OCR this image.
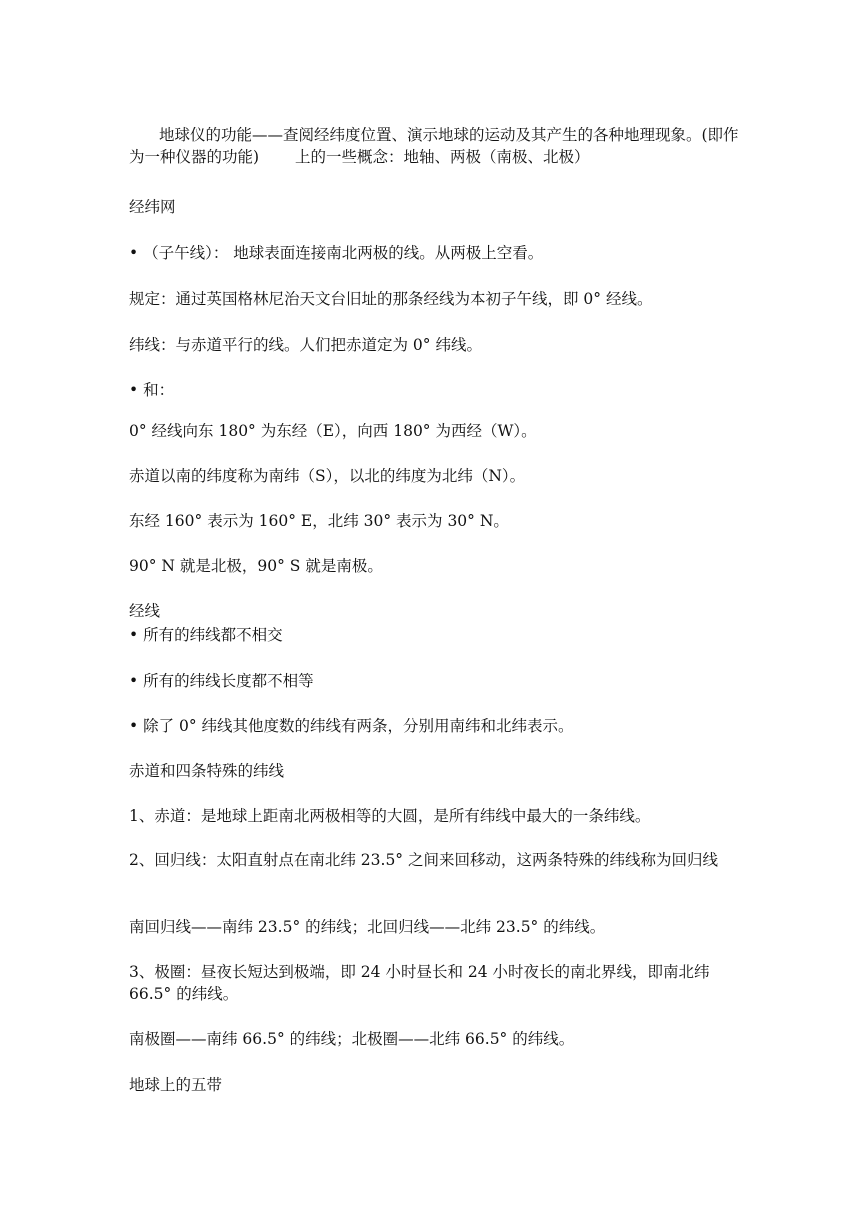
地球仪的功能——查阅经纬度位置、演示地球的运动及其产生的各种地理现象。(即作为一种仪器的功能)　　 上的一些概念：地轴、两极（南极、北极）
经纬网
• （子午线）： 地球表面连接南北两极的线。从两极上空看。
规定：通过英国格林尼治天文台旧址的那条经线为本初子午线，即 0° 经线。
纬线：与赤道平行的线。人们把赤道定为 0° 纬线。
• 和：
0° 经线向东 180° 为东经（E），向西 180° 为西经（W）。
赤道以南的纬度称为南纬（S），以北的纬度为北纬（N）。
东经 160° 表示为 160° E，北纬 30° 表示为 30° N。
90° N 就是北极，90° S 就是南极。
经线
• 所有的纬线都不相交
• 所有的纬线长度都不相等
• 除了 0° 纬线其他度数的纬线有两条，分别用南纬和北纬表示。
赤道和四条特殊的纬线
1、赤道：是地球上距南北两极相等的大圆，是所有纬线中最大的一条纬线。
2、回归线：太阳直射点在南北纬 23.5° 之间来回移动，这两条特殊的纬线称为回归线
南回归线——南纬 23.5° 的纬线；北回归线——北纬 23.5° 的纬线。
3、极圈：昼夜长短达到极端，即 24 小时昼长和 24 小时夜长的南北界线，即南北纬 66.5° 的纬线。
南极圈——南纬 66.5° 的纬线；北极圈——北纬 66.5° 的纬线。
地球上的五带
